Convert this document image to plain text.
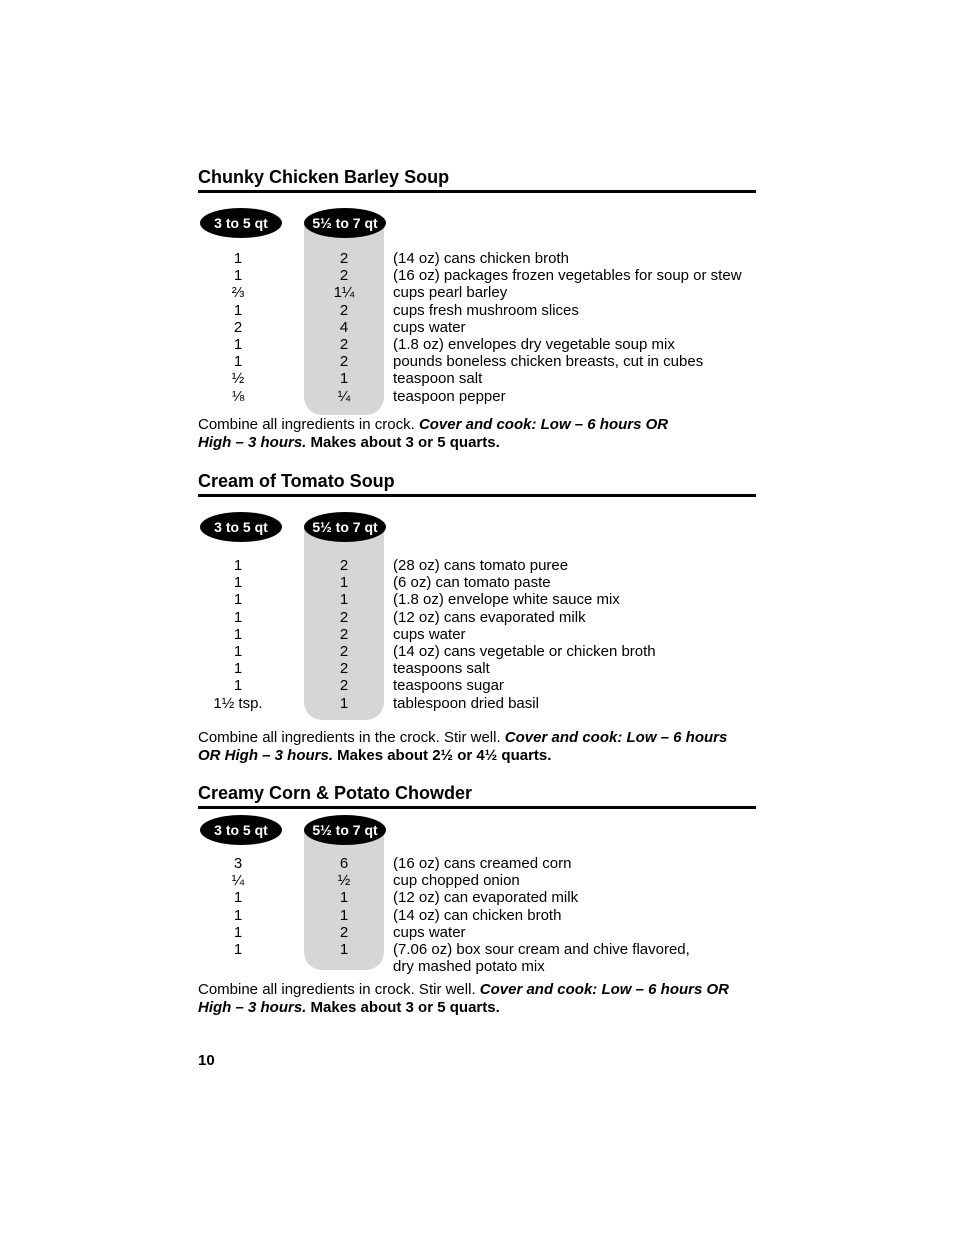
Chunky Chicken Barley Soup
3 to 5 qt	5½ to 7 qt
1	2	(14 oz) cans chicken broth
1	2	(16 oz) packages frozen vegetables for soup or stew
⅔	1¼	cups pearl barley
1	2	cups fresh mushroom slices
2	4	cups water
1	2	(1.8 oz) envelopes dry vegetable soup mix
1	2	pounds boneless chicken breasts, cut in cubes
½	1	teaspoon salt
⅛	¼	teaspoon pepper
Combine all ingredients in crock. Cover and cook: Low – 6 hours OR
High – 3 hours. Makes about 3 or 5 quarts.
Cream of Tomato Soup
3 to 5 qt	5½ to 7 qt
1	2	(28 oz) cans tomato puree
1	1	(6 oz) can tomato paste
1	1	(1.8 oz) envelope white sauce mix
1	2	(12 oz) cans evaporated milk
1	2	cups water
1	2	(14 oz) cans vegetable or chicken broth
1	2	teaspoons salt
1	2	teaspoons sugar
1½ tsp.	1	tablespoon dried basil
Combine all ingredients in the crock. Stir well. Cover and cook: Low – 6 hours
OR High – 3 hours. Makes about 2½ or 4½ quarts.
Creamy Corn & Potato Chowder
3 to 5 qt	5½ to 7 qt
3	6	(16 oz) cans creamed corn
¼	½	cup chopped onion
1	1	(12 oz) can evaporated milk
1	1	(14 oz) can chicken broth
1	2	cups water
1	1	(7.06 oz) box sour cream and chive flavored,
dry mashed potato mix
Combine all ingredients in crock. Stir well. Cover and cook: Low – 6 hours OR
High – 3 hours. Makes about 3 or 5 quarts.
10
